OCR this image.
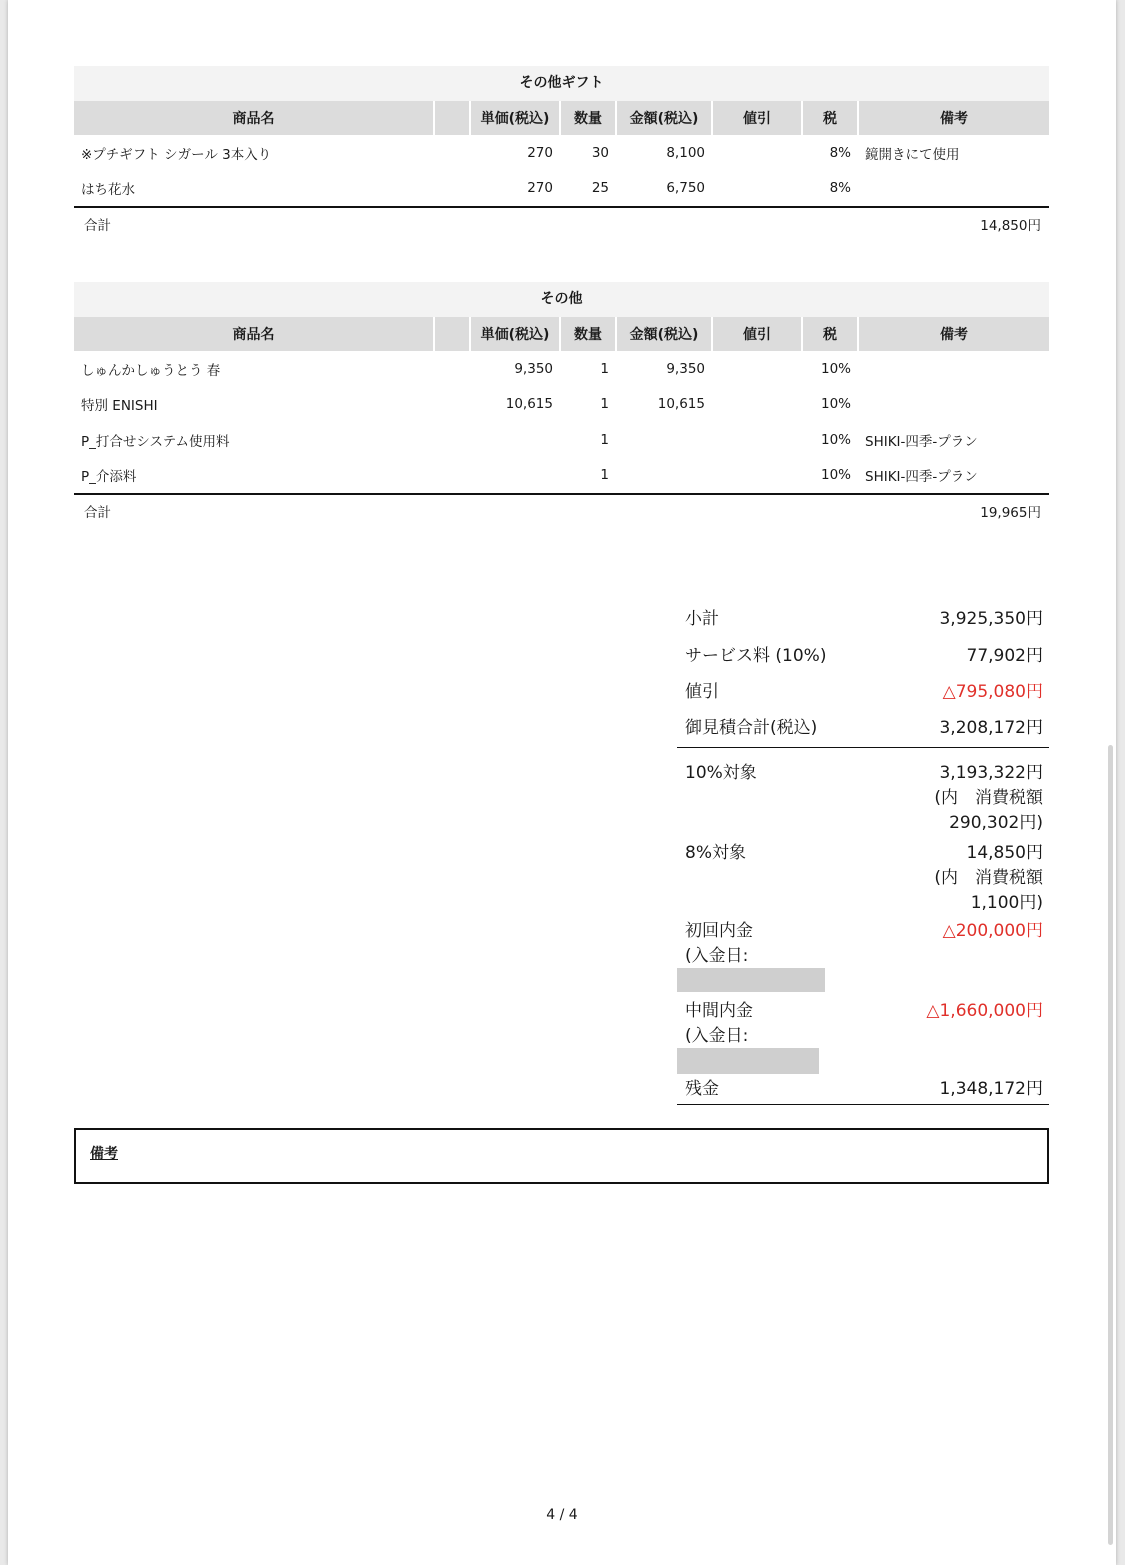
その他ギフト
商品名		単価(税込)	数量	金額(税込)	値引	税	備考
※プチギフト シガール 3本入り		270	30	8,100		8%	鏡開きにて使用
はち花水		270	25	6,750		8%	
合計	14,850円
その他
商品名		単価(税込)	数量	金額(税込)	値引	税	備考
しゅんかしゅうとう 春		9,350	1	9,350		10%	
特別 ENISHI		10,615	1	10,615		10%	
P_打合せシステム使用料			1			10%	SHIKI-四季-プラン
P_介添料			1			10%	SHIKI-四季-プラン
合計	19,965円
小計	3,925,350円
サービス料 (10%)	77,902円
値引	△795,080円
御見積合計(税込)	3,208,172円
10%対象	3,193,322円
(内　消費税額
290,302円)
8%対象	14,850円
(内　消費税額
1,100円)
初回内金
(入金日:

△200,000円
中間内金
(入金日:

△1,660,000円
残金	1,348,172円
備考
4 / 4
